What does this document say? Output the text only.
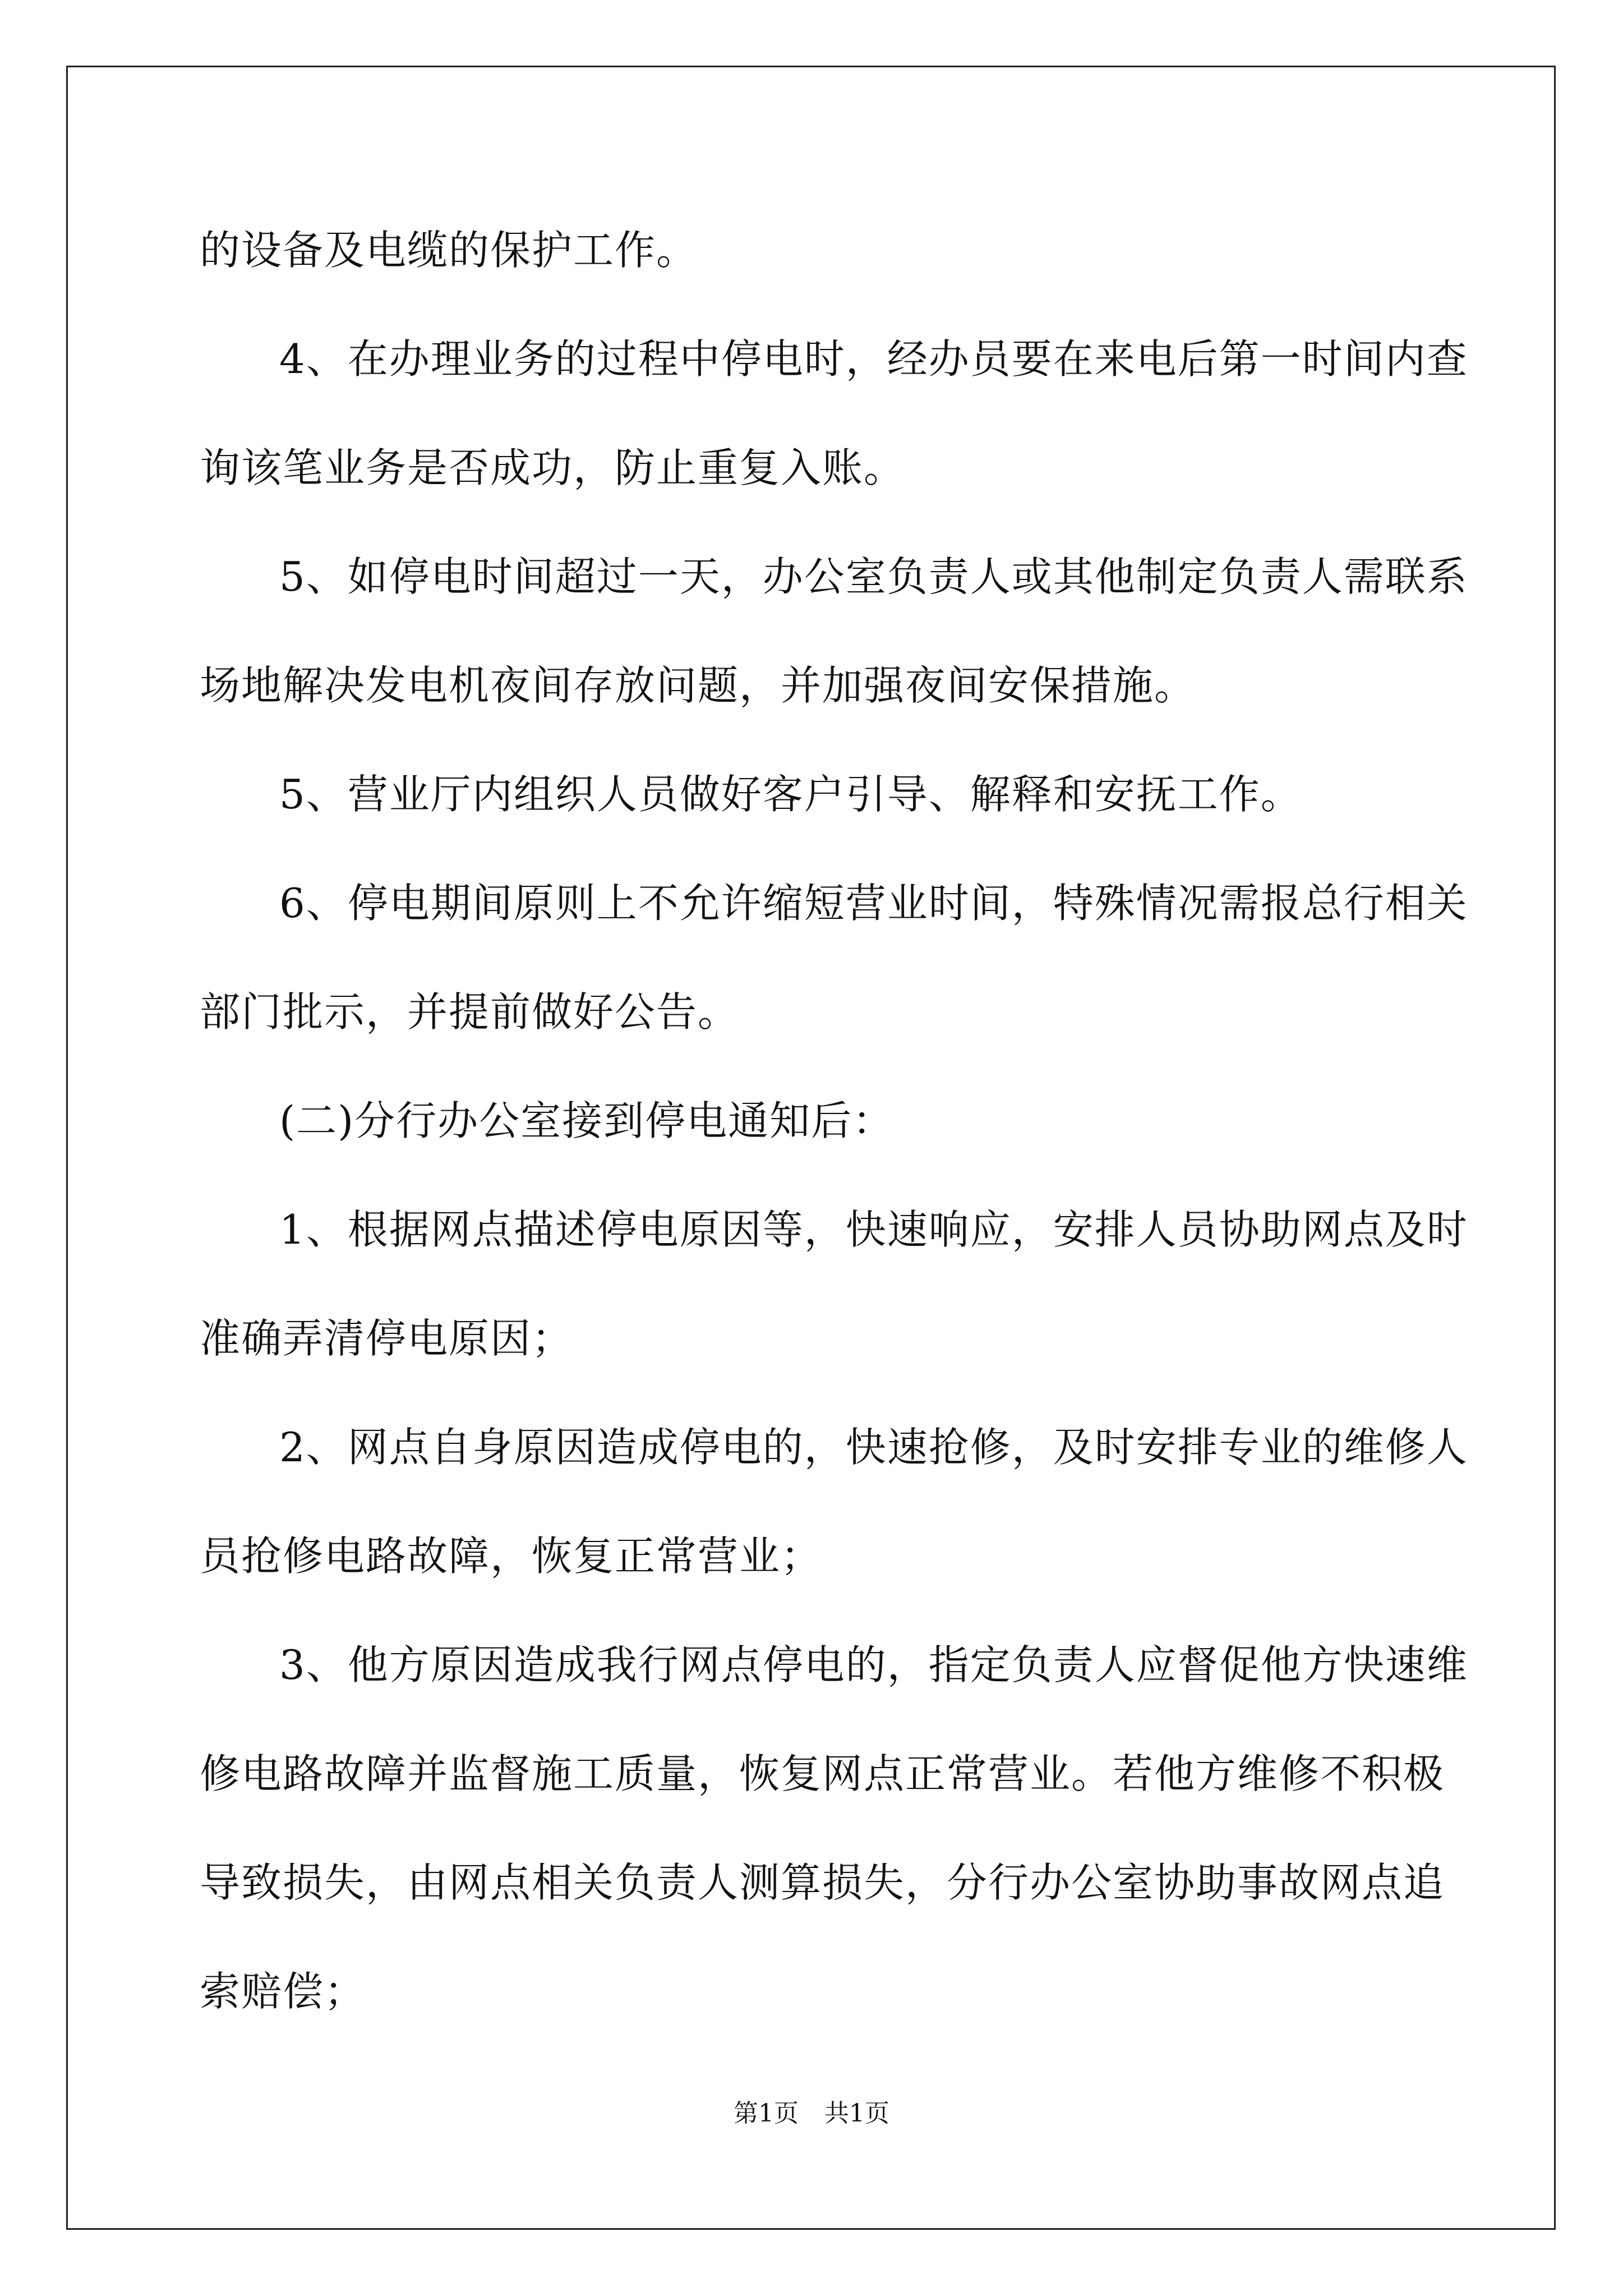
的设备及电缆的保护工作。
4、在办理业务的过程中停电时，经办员要在来电后第一时间内查
询该笔业务是否成功，防止重复入账。
5、如停电时间超过一天，办公室负责人或其他制定负责人需联系
场地解决发电机夜间存放问题，并加强夜间安保措施。
5、营业厅内组织人员做好客户引导、解释和安抚工作。
6、停电期间原则上不允许缩短营业时间，特殊情况需报总行相关
部门批示，并提前做好公告。
(二)分行办公室接到停电通知后：
1、根据网点描述停电原因等，快速响应，安排人员协助网点及时
准确弄清停电原因；
2、网点自身原因造成停电的，快速抢修，及时安排专业的维修人
员抢修电路故障，恢复正常营业；
3、他方原因造成我行网点停电的，指定负责人应督促他方快速维
修电路故障并监督施工质量，恢复网点正常营业。若他方维修不积极
导致损失，由网点相关负责人测算损失，分行办公室协助事故网点追
索赔偿；
第1页 共1页
